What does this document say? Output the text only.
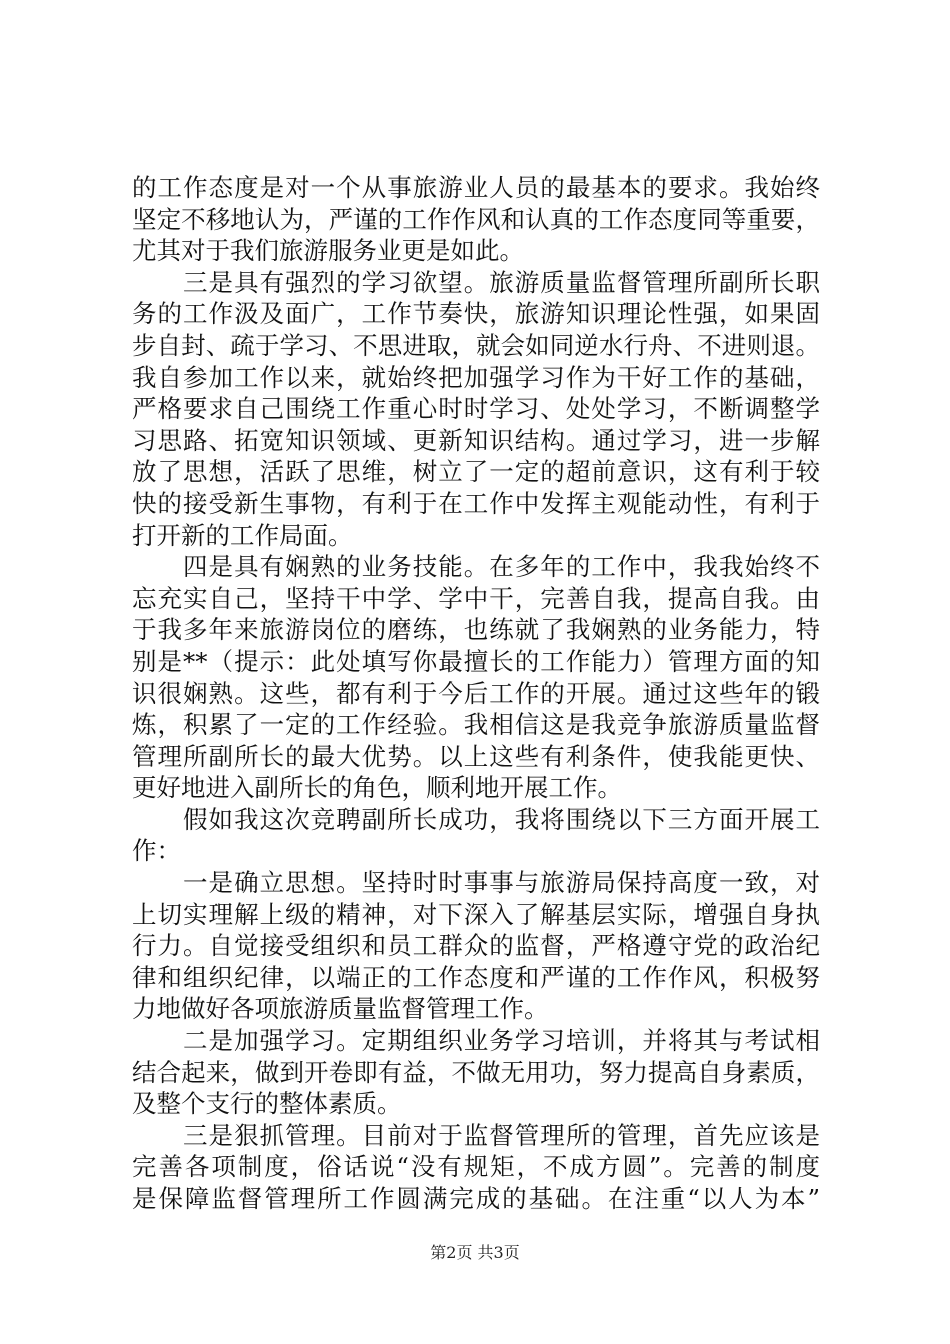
的工作态度是对一个从事旅游业人员的最基本的要求。我始终
坚定不移地认为，严谨的工作作风和认真的工作态度同等重要，
尤其对于我们旅游服务业更是如此。
　　三是具有强烈的学习欲望。旅游质量监督管理所副所长职
务的工作汲及面广，工作节奏快，旅游知识理论性强，如果固
步自封、疏于学习、不思进取，就会如同逆水行舟、不进则退。
我自参加工作以来，就始终把加强学习作为干好工作的基础，
严格要求自己围绕工作重心时时学习、处处学习，不断调整学
习思路、拓宽知识领域、更新知识结构。通过学习，进一步解
放了思想，活跃了思维，树立了一定的超前意识，这有利于较
快的接受新生事物，有利于在工作中发挥主观能动性，有利于
打开新的工作局面。
　　四是具有娴熟的业务技能。在多年的工作中，我我始终不
忘充实自己，坚持干中学、学中干，完善自我，提高自我。由
于我多年来旅游岗位的磨练，也练就了我娴熟的业务能力，特
别是**（提示：此处填写你最擅长的工作能力）管理方面的知
识很娴熟。这些，都有利于今后工作的开展。通过这些年的锻
炼，积累了一定的工作经验。我相信这是我竞争旅游质量监督
管理所副所长的最大优势。以上这些有利条件，使我能更快、
更好地进入副所长的角色，顺利地开展工作。
　　假如我这次竞聘副所长成功，我将围绕以下三方面开展工
作：
　　一是确立思想。坚持时时事事与旅游局保持高度一致，对
上切实理解上级的精神，对下深入了解基层实际，增强自身执
行力。自觉接受组织和员工群众的监督，严格遵守党的政治纪
律和组织纪律，以端正的工作态度和严谨的工作作风，积极努
力地做好各项旅游质量监督管理工作。
　　二是加强学习。定期组织业务学习培训，并将其与考试相
结合起来，做到开卷即有益，不做无用功，努力提高自身素质，
及整个支行的整体素质。
　　三是狠抓管理。目前对于监督管理所的管理，首先应该是
完善各项制度，俗话说“没有规矩，不成方圆”。完善的制度
是保障监督管理所工作圆满完成的基础。在注重“以人为本”
第2页 共3页
